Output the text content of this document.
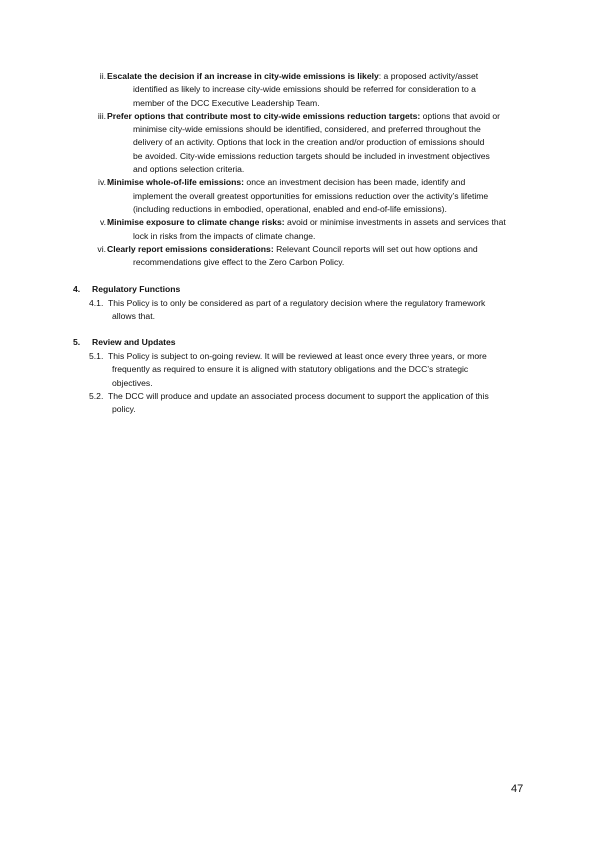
ii. Escalate the decision if an increase in city-wide emissions is likely: a proposed activity/asset
identified as likely to increase city-wide emissions should be referred for consideration to a
member of the DCC Executive Leadership Team.
iii. Prefer options that contribute most to city-wide emissions reduction targets: options that avoid or
minimise city-wide emissions should be identified, considered, and preferred throughout the
delivery of an activity. Options that lock in the creation and/or production of emissions should
be avoided. City-wide emissions reduction targets should be included in investment objectives
and options selection criteria.
iv. Minimise whole-of-life emissions: once an investment decision has been made, identify and
implement the overall greatest opportunities for emissions reduction over the activity’s lifetime
(including reductions in embodied, operational, enabled and end-of-life emissions).
v. Minimise exposure to climate change risks: avoid or minimise investments in assets and services that
lock in risks from the impacts of climate change.
vi. Clearly report emissions considerations: Relevant Council reports will set out how options and
recommendations give effect to the Zero Carbon Policy.
4. Regulatory Functions
4.1. This Policy is to only be considered as part of a regulatory decision where the regulatory framework
allows that.
5. Review and Updates
5.1. This Policy is subject to on-going review. It will be reviewed at least once every three years, or more
frequently as required to ensure it is aligned with statutory obligations and the DCC’s strategic
objectives.
5.2. The DCC will produce and update an associated process document to support the application of this
policy.
47
